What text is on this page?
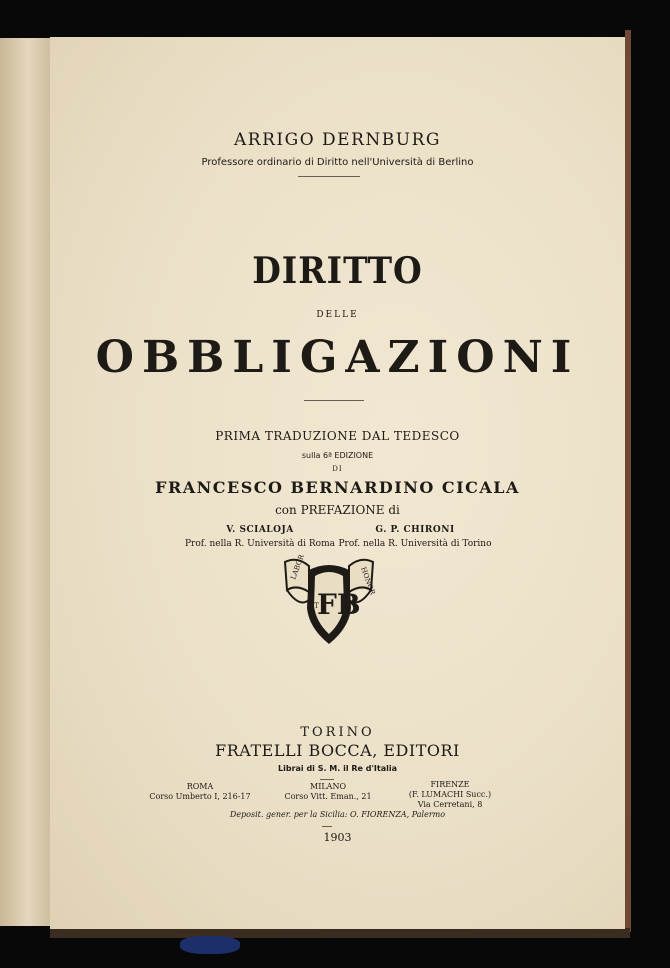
ARRIGO DERNBURG
Professore ordinario di Diritto nell'Università di Berlino
DIRITTO
DELLE
OBBLIGAZIONI
PRIMA TRADUZIONE DAL TEDESCO
sulla 6ª EDIZIONE
DI
FRANCESCO BERNARDINO CICALA
con PREFAZIONE di
V. SCIALOJA
Prof. nella R. Università di Roma
G. P. CHIRONI
Prof. nella R. Università di Torino
LABOR
ET
HONOR
FB
TORINO
FRATELLI BOCCA, EDITORI
Librai di S. M. il Re d'Italia
ROMA
Corso Umberto I, 216-17
MILANO
Corso Vitt. Eman., 21
FIRENZE
(F. LUMACHI Succ.)
Via Cerretani, 8
Deposit. gener. per la Sicilia: O. FIORENZA, Palermo
1903
